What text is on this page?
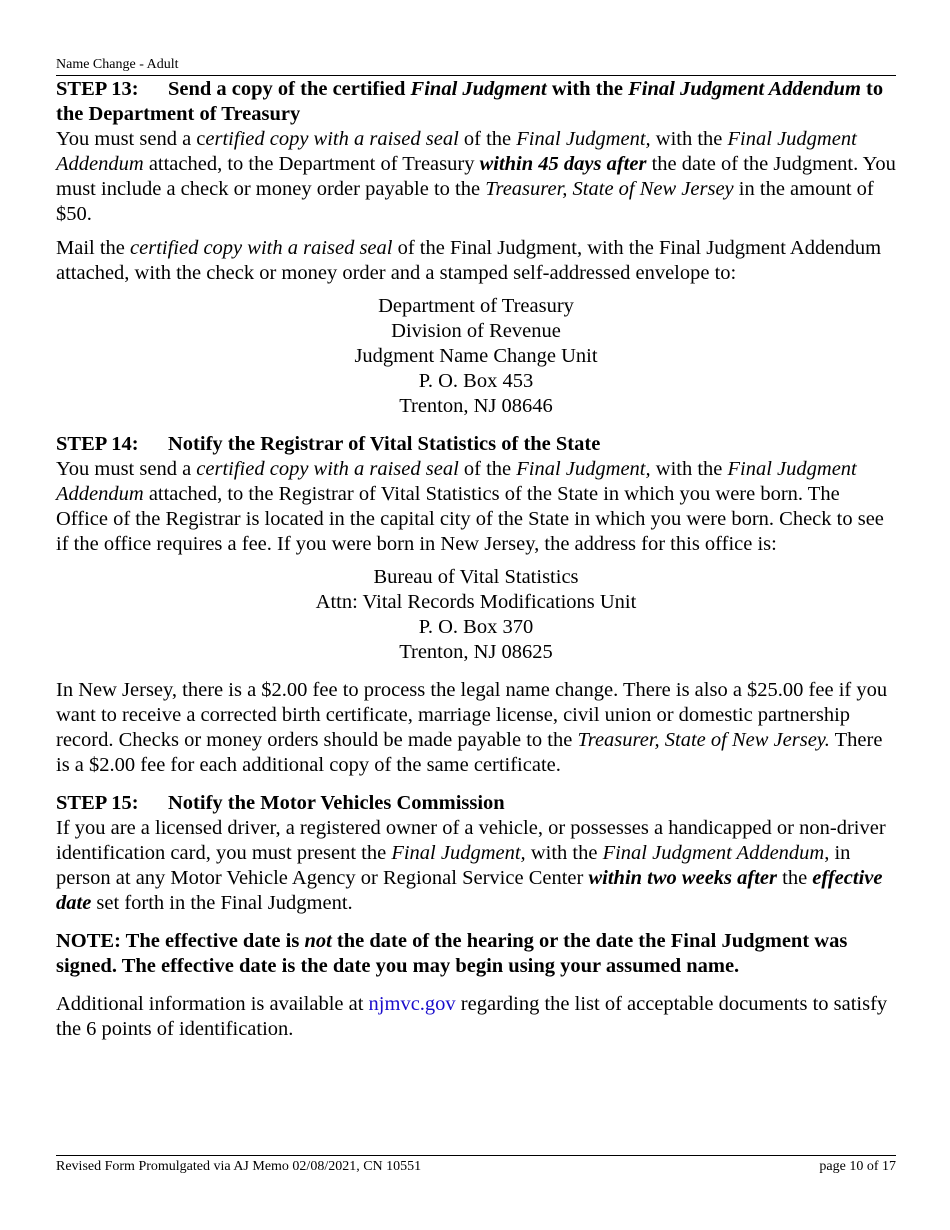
Name Change - Adult
STEP 13: Send a copy of the certified Final Judgment with the Final Judgment Addendum to the Department of Treasury

You must send a certified copy with a raised seal of the Final Judgment, with the Final Judgment Addendum attached, to the Department of Treasury within 45 days after the date of the Judgment. You must include a check or money order payable to the Treasurer, State of New Jersey in the amount of $50.

Mail the certified copy with a raised seal of the Final Judgment, with the Final Judgment Addendum attached, with the check or money order and a stamped self-addressed envelope to:

Department of Treasury
Division of Revenue
Judgment Name Change Unit
P. O. Box 453
Trenton, NJ 08646
STEP 14: Notify the Registrar of Vital Statistics of the State

You must send a certified copy with a raised seal of the Final Judgment, with the Final Judgment Addendum attached, to the Registrar of Vital Statistics of the State in which you were born. The Office of the Registrar is located in the capital city of the State in which you were born. Check to see if the office requires a fee. If you were born in New Jersey, the address for this office is:

Bureau of Vital Statistics
Attn: Vital Records Modifications Unit
P. O. Box 370
Trenton, NJ 08625

In New Jersey, there is a $2.00 fee to process the legal name change. There is also a $25.00 fee if you want to receive a corrected birth certificate, marriage license, civil union or domestic partnership record. Checks or money orders should be made payable to the Treasurer, State of New Jersey. There is a $2.00 fee for each additional copy of the same certificate.

STEP 15: Notify the Motor Vehicles Commission

If you are a licensed driver, a registered owner of a vehicle, or possesses a handicapped or non-driver identification card, you must present the Final Judgment, with the Final Judgment Addendum, in person at any Motor Vehicle Agency or Regional Service Center within two weeks after the effective date set forth in the Final Judgment.

NOTE: The effective date is not the date of the hearing or the date the Final Judgment was signed. The effective date is the date you may begin using your assumed name.

Additional information is available at njmvc.gov regarding the list of acceptable documents to satisfy the 6 points of identification.

Revised Form Promulgated via AJ Memo 02/08/2021, CN 10551	page 10 of 17
